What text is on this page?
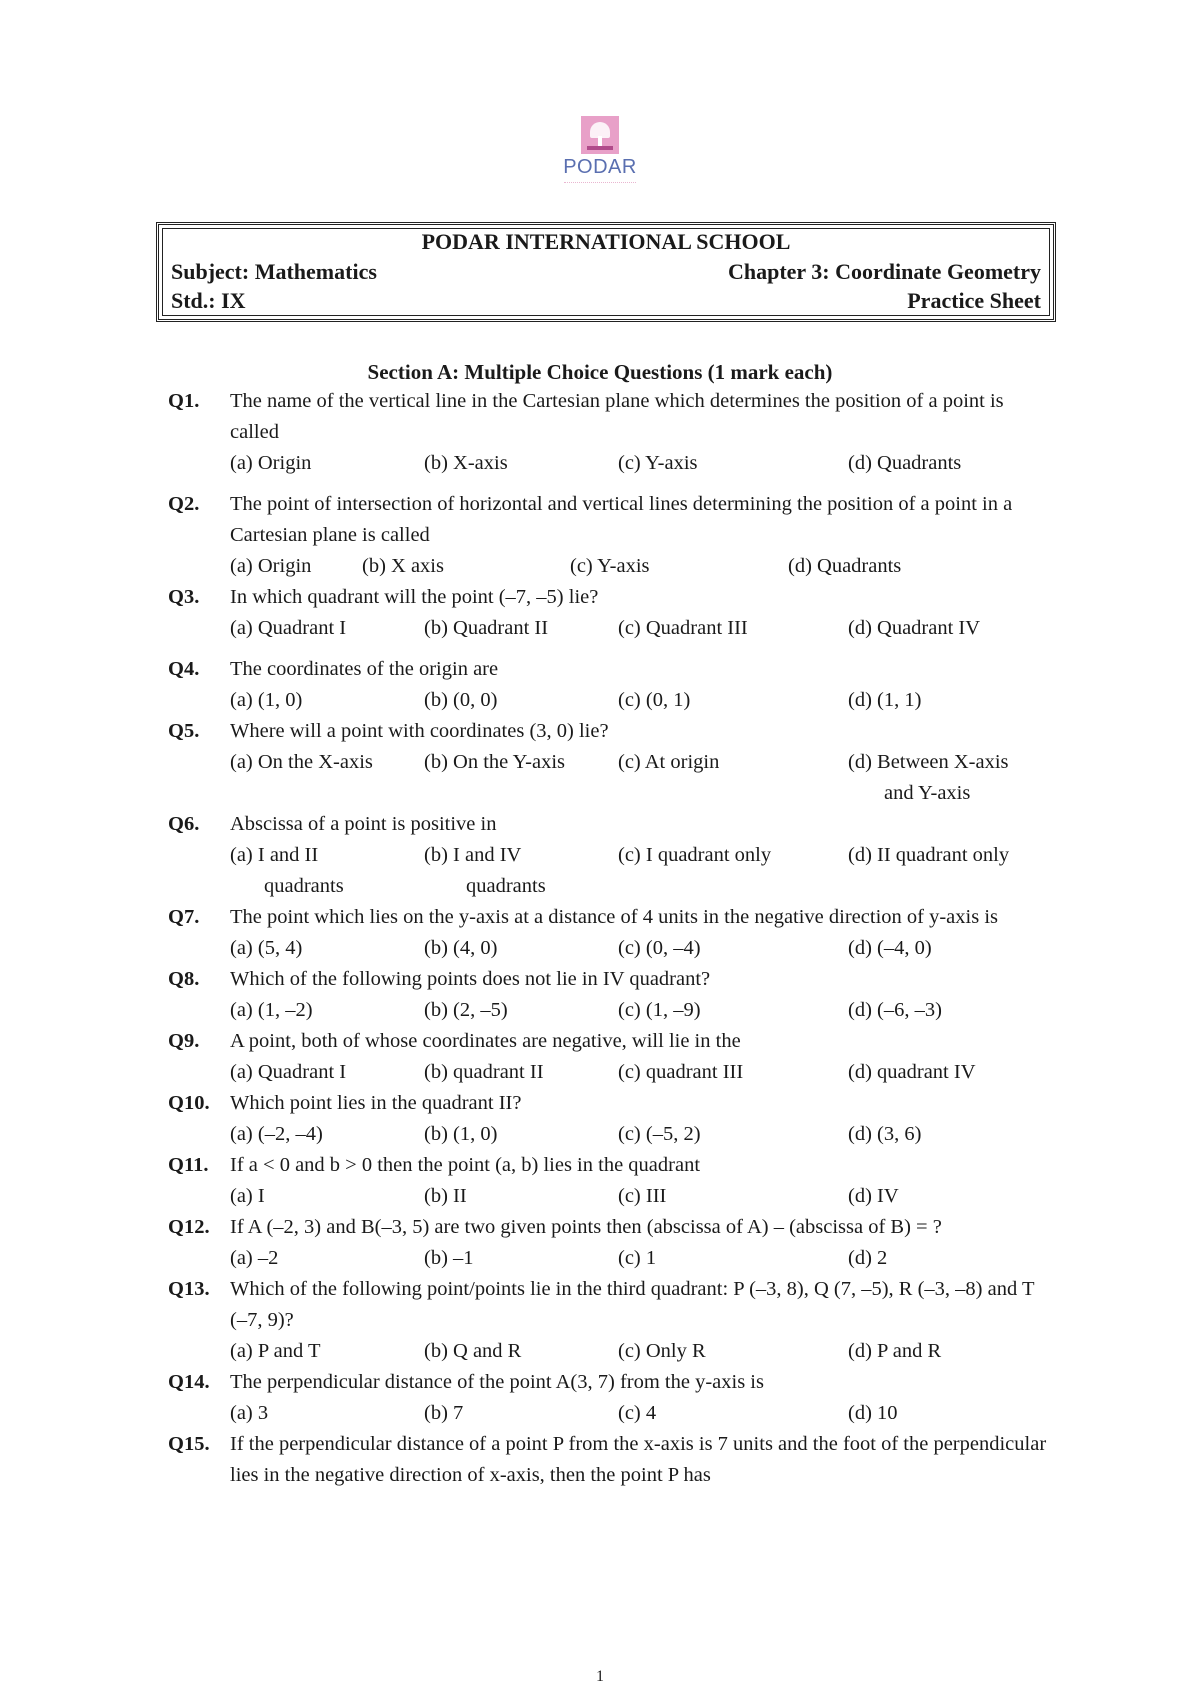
PODAR
PODAR INTERNATIONAL SCHOOL
Subject: Mathematics	Chapter 3: Coordinate Geometry
Std.: IX	Practice Sheet
Section A: Multiple Choice Questions (1 mark each)
Q1. The name of the vertical line in the Cartesian plane which determines the position of a point is called
(a) Origin	(b) X-axis	(c) Y-axis	(d) Quadrants
Q2. The point of intersection of horizontal and vertical lines determining the position of a point in a Cartesian plane is called
(a) Origin (b) X axis	(c) Y-axis	(d) Quadrants
Q3. In which quadrant will the point (–7, –5) lie?
(a) Quadrant I	(b) Quadrant II	(c) Quadrant III	(d) Quadrant IV
Q4. The coordinates of the origin are
(a) (1, 0)	(b) (0, 0)	(c) (0, 1)	(d) (1, 1)
Q5. Where will a point with coordinates (3, 0) lie?
(a) On the X-axis (b) On the Y-axis	(c) At origin	(d) Between X-axis
and Y-axis
Q6. Abscissa of a point is positive in
(a) I and II	(b) I and IV	(c) I quadrant only	(d) II quadrant only
quadrants	quadrants
Q7. The point which lies on the y-axis at a distance of 4 units in the negative direction of y-axis is
(a) (5, 4)	(b) (4, 0)	(c) (0, –4)	(d) (–4, 0)
Q8. Which of the following points does not lie in IV quadrant?
(a) (1, –2)	(b) (2, –5)	(c) (1, –9)	(d) (–6, –3)
Q9. A point, both of whose coordinates are negative, will lie in the
(a) Quadrant I	(b) quadrant II	(c) quadrant III	(d) quadrant IV
Q10. Which point lies in the quadrant II?
(a) (–2, –4)	(b) (1, 0)	(c) (–5, 2)	(d) (3, 6)
Q11. If a < 0 and b > 0 then the point (a, b) lies in the quadrant
(a) I	(b) II	(c) III	(d) IV
Q12. If A (–2, 3) and B(–3, 5) are two given points then (abscissa of A) – (abscissa of B) = ?
(a) –2	(b) –1	(c) 1	(d) 2
Q13. Which of the following point/points lie in the third quadrant: P (–3, 8), Q (7, –5), R (–3, –8) and T (–7, 9)?
(a) P and T	(b) Q and R	(c) Only R	(d) P and R
Q14. The perpendicular distance of the point A(3, 7) from the y-axis is
(a) 3	(b) 7	(c) 4	(d) 10
Q15. If the perpendicular distance of a point P from the x-axis is 7 units and the foot of the perpendicular lies in the negative direction of x-axis, then the point P has
1
